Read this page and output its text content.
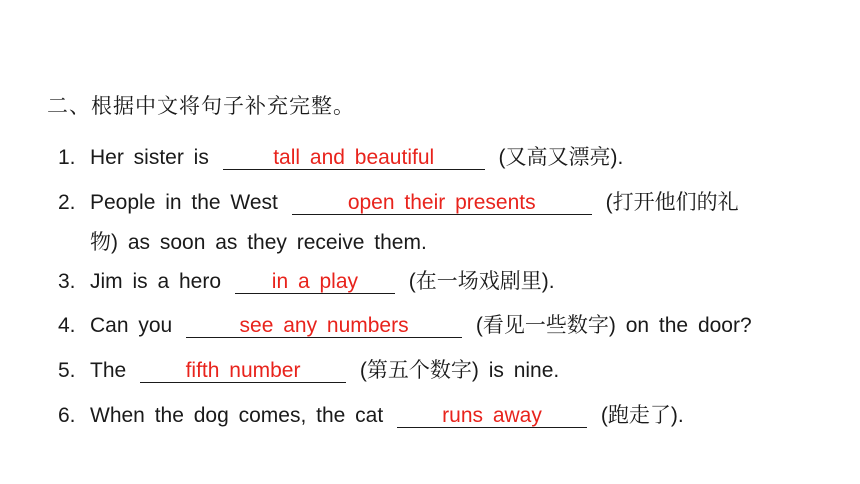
二、根据中文将句子补充完整。
1. Her sister is	tall and beautiful	(又高又漂亮).
2. People in the West	open their presents	(打开他们的礼
物) as soon as they receive them.
3. Jim is a hero in a play (在一场戏剧里).
4. Can you	see any numbers	(看见一些数字) on the door?
5. The	fifth number	(第五个数字) is nine.
6. When the dog comes, the cat	runs away	(跑走了).
